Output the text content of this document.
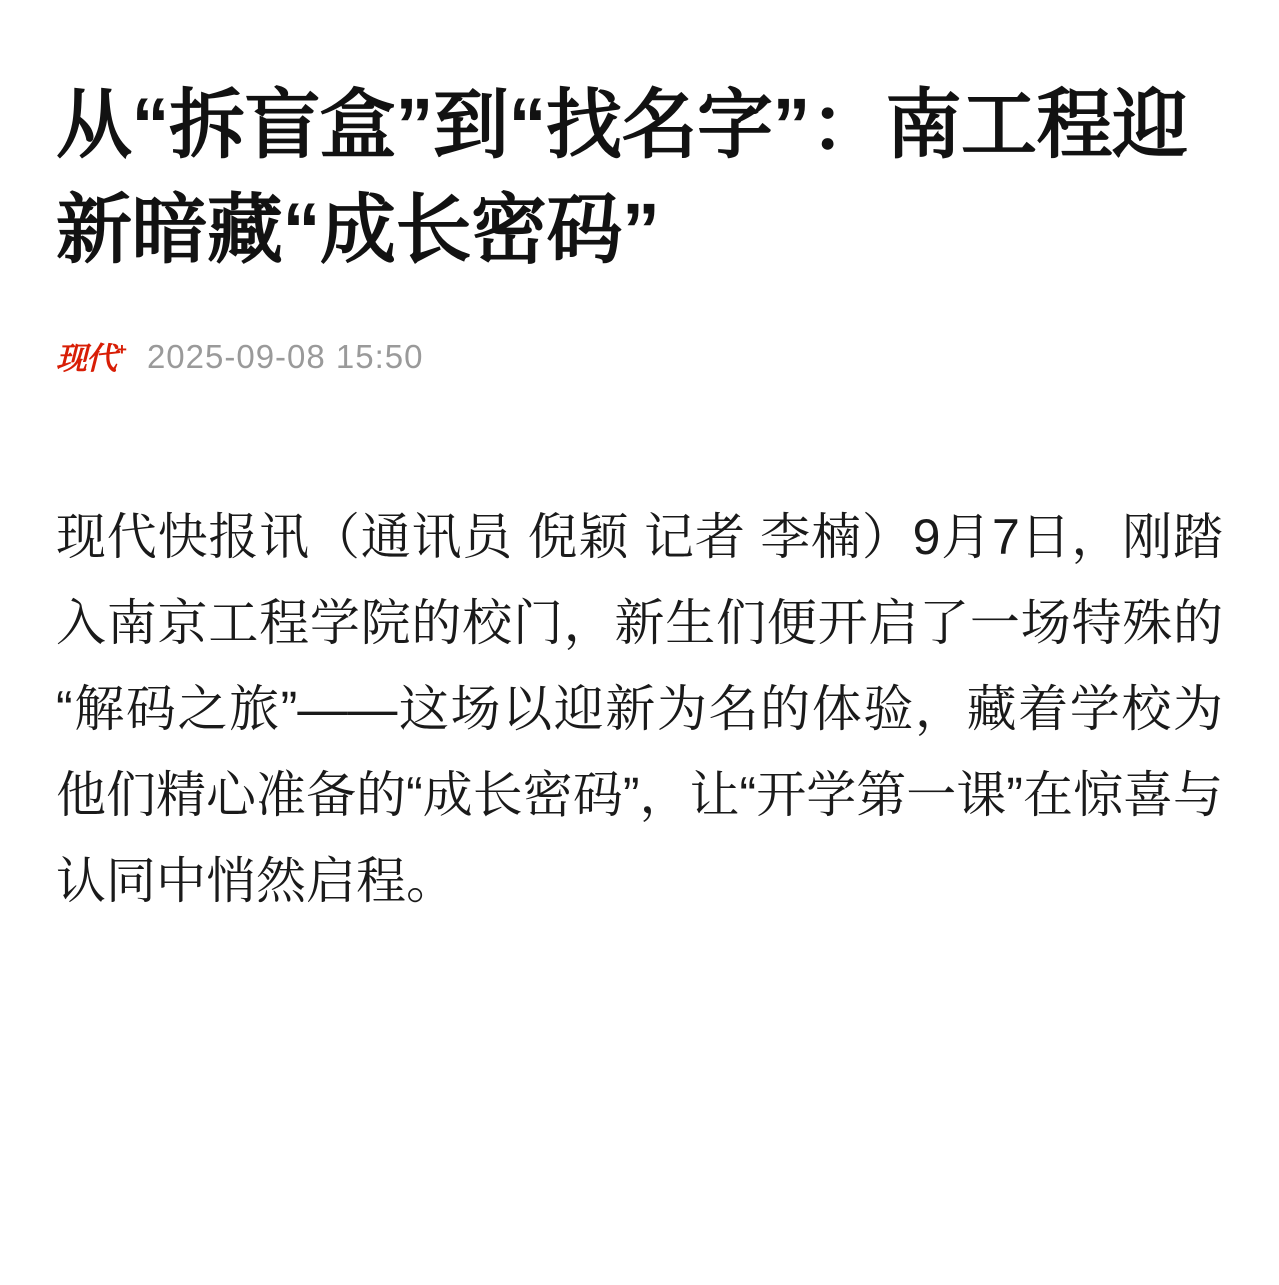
从“拆盲盒”到“找名字”：南工程迎新暗藏“成长密码”
现代 + 2025-09-08 15:50

现代快报讯（通讯员 倪颖 记者 李楠）9月7日，刚踏入南京工程学院的校门，新生们便开启了一场特殊的“解码之旅”——这场以迎新为名的体验，藏着学校为他们精心准备的“成长密码”，让“开学第一课”在惊喜与认同中悄然启程。
